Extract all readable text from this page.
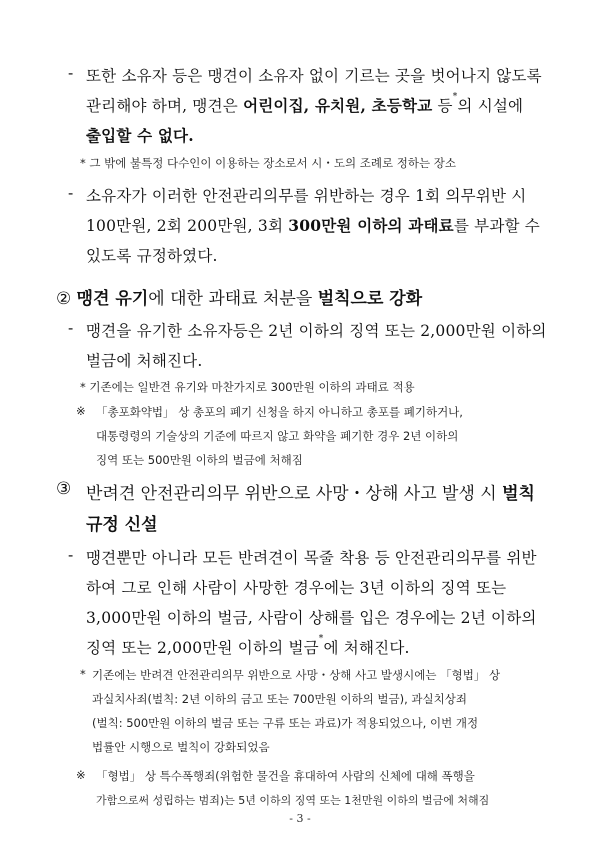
- 또한 소유자 등은 맹견이 소유자 없이 기르는 곳을 벗어나지 않도록
관리해야 하며, 맹견은 어린이집, 유치원, 초등학교 등*의 시설에
출입할 수 없다.
* 그 밖에 불특정 다수인이 이용하는 장소로서 시・도의 조례로 정하는 장소
- 소유자가 이러한 안전관리의무를 위반하는 경우 1회 의무위반 시
100만원, 2회 200만원, 3회 300만원 이하의 과태료를 부과할 수
있도록 규정하였다.
② 맹견 유기에 대한 과태료 처분을 벌칙으로 강화
- 맹견을 유기한 소유자등은 2년 이하의 징역 또는 2,000만원 이하의
벌금에 처해진다.
* 기존에는 일반견 유기와 마찬가지로 300만원 이하의 과태료 적용
※ 「총포화약법」 상 총포의 폐기 신청을 하지 아니하고 총포를 폐기하거나,
대통령령의 기술상의 기준에 따르지 않고 화약을 폐기한 경우 2년 이하의
징역 또는 500만원 이하의 벌금에 처해짐
③ 반려견 안전관리의무 위반으로 사망・상해 사고 발생 시 벌칙
규정 신설
- 맹견뿐만 아니라 모든 반려견이 목줄 착용 등 안전관리의무를 위반
하여 그로 인해 사람이 사망한 경우에는 3년 이하의 징역 또는
3,000만원 이하의 벌금, 사람이 상해를 입은 경우에는 2년 이하의
징역 또는 2,000만원 이하의 벌금*에 처해진다.
* 기존에는 반려견 안전관리의무 위반으로 사망・상해 사고 발생시에는 「형법」 상
과실치사죄(벌칙: 2년 이하의 금고 또는 700만원 이하의 벌금), 과실치상죄
(벌칙: 500만원 이하의 벌금 또는 구류 또는 과료)가 적용되었으나, 이번 개정
법률안 시행으로 벌칙이 강화되었음
※ 「형법」 상 특수폭행죄(위험한 물건을 휴대하여 사람의 신체에 대해 폭행을
가함으로써 성립하는 범죄)는 5년 이하의 징역 또는 1천만원 이하의 벌금에 처해짐
- 3 -
